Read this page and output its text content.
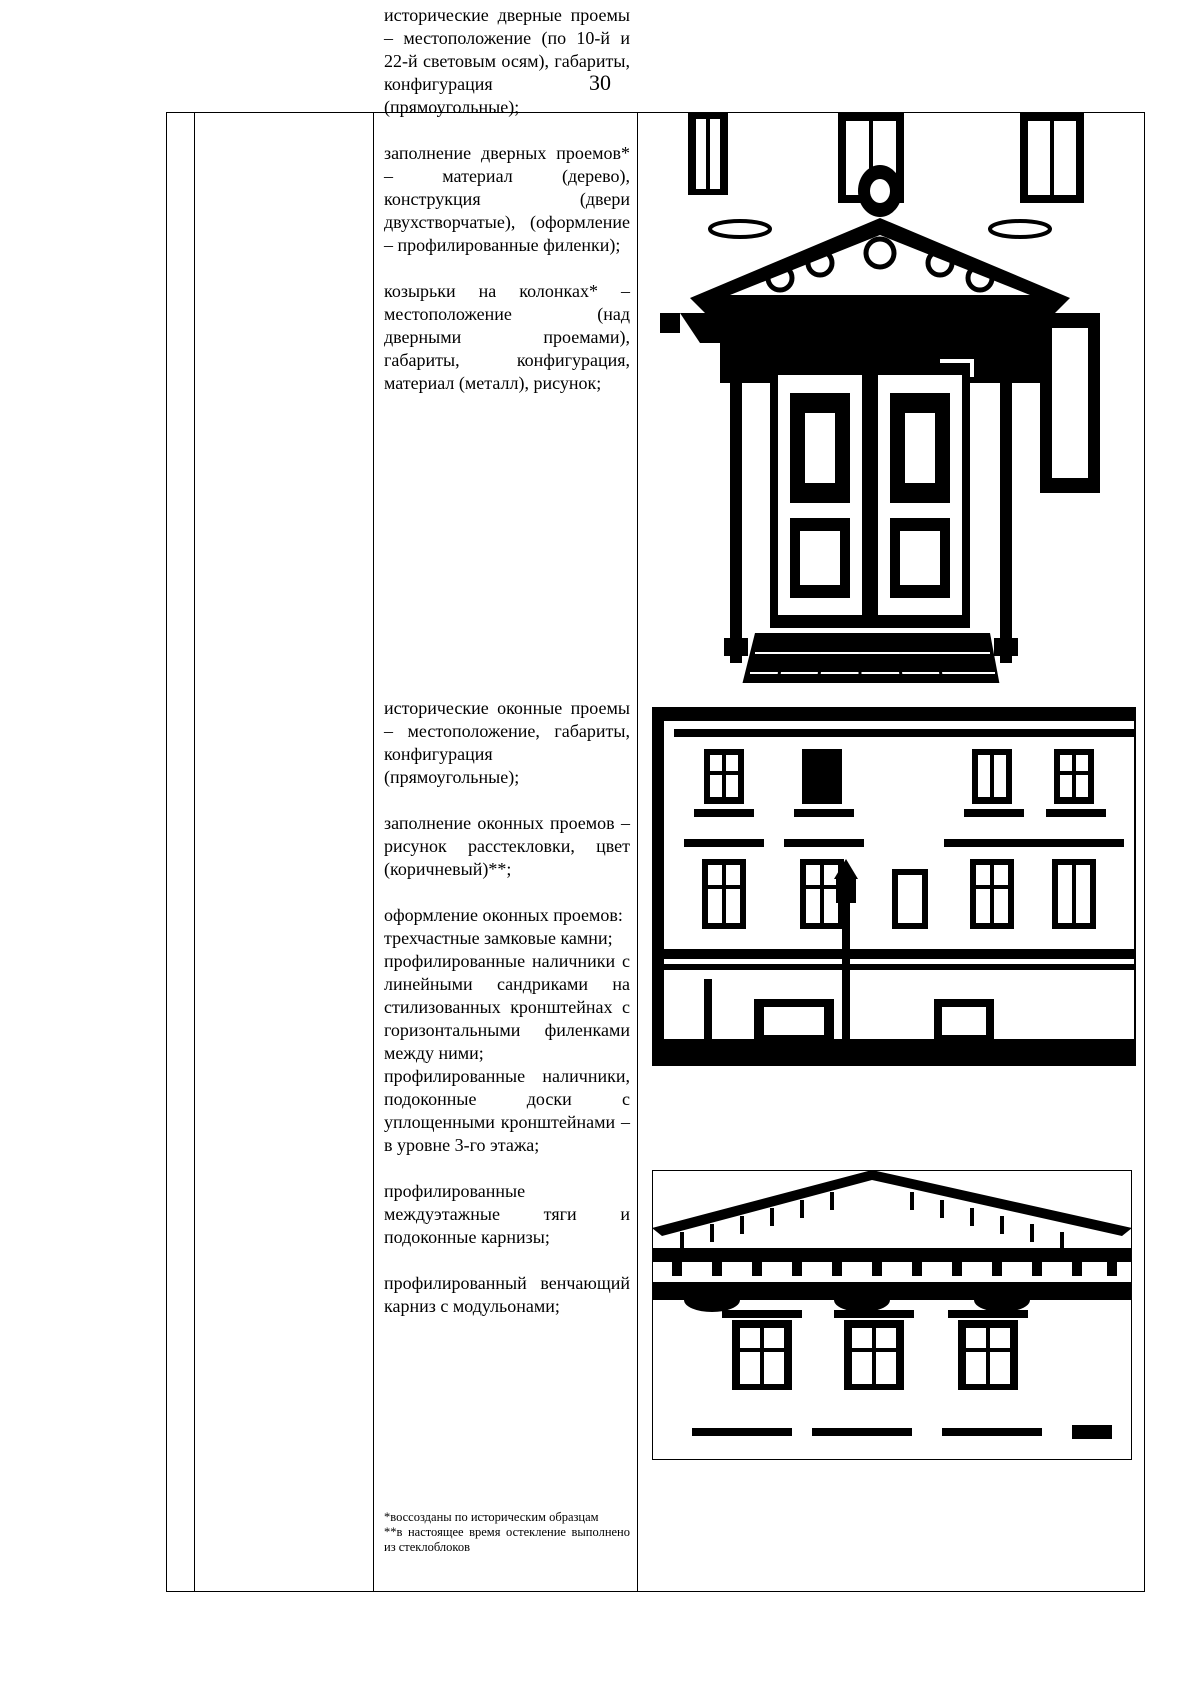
30

исторические дверные проемы – местоположение (по 10-й и 22-й световым осям), габариты, конфигурация (прямоугольные);

заполнение дверных проемов* – материал (дерево), конструкция (двери двухстворчатые), (оформление – профилированные филенки);

козырьки на колонках* – местоположение (над дверными проемами), габариты, конфигурация, материал (металл), рисунок;

исторические оконные проемы – местоположение, габариты, конфигурация (прямоугольные);

заполнение оконных проемов – рисунок расстекловки, цвет (коричневый)**;

оформление оконных проемов:

трехчастные замковые камни;

профилированные наличники с линейными сандриками на стилизованных кронштейнах с горизонтальными филенками между ними;

профилированные наличники, подоконные доски с уплощенными кронштейнами – в уровне 3-го этажа;

профилированные междуэтажные тяги и подоконные карнизы;

профилированный венчающий карниз с модульонами;

*воссозданы по историческим образцам

**в настоящее время остекление выполнено из стеклоблоков
